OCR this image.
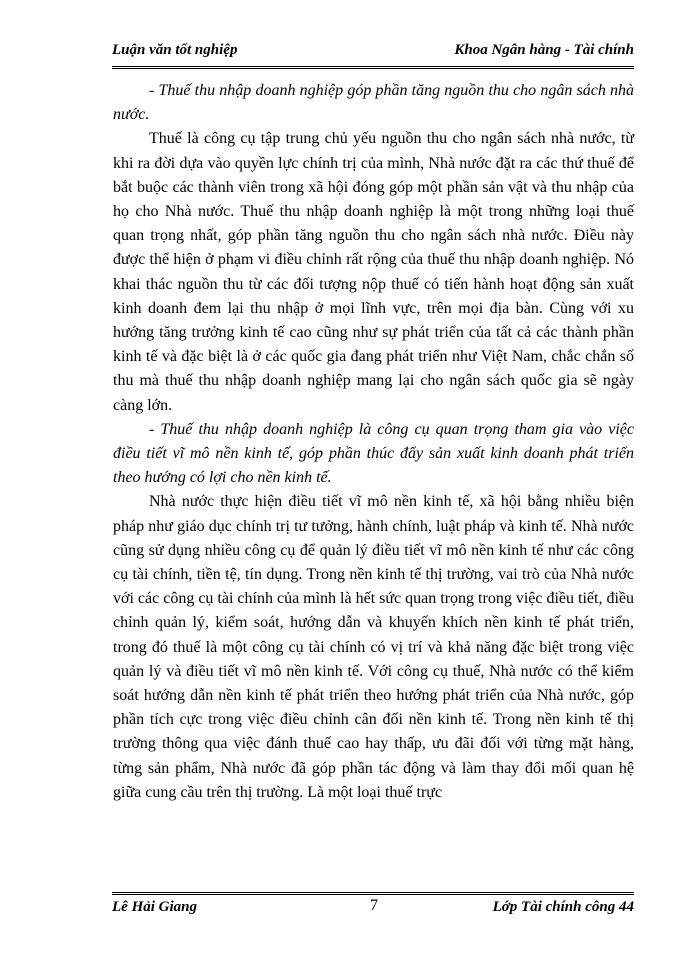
Luận văn tốt nghiệp	Khoa Ngân hàng - Tài chính

- Thuế thu nhập doanh nghiệp góp phần tăng nguồn thu cho ngân sách nhà nước.

Thuế là công cụ tập trung chủ yếu nguồn thu cho ngân sách nhà nước, từ khi ra đời dựa vào quyền lực chính trị của mình, Nhà nước đặt ra các thứ thuế để bắt buộc các thành viên trong xã hội đóng góp một phần sản vật và thu nhập của họ cho Nhà nước. Thuế thu nhập doanh nghiệp là một trong những loại thuế quan trọng nhất, góp phần tăng nguồn thu cho ngân sách nhà nước. Điều này được thể hiện ở phạm vi điều chỉnh rất rộng của thuế thu nhập doanh nghiệp. Nó khai thác nguồn thu từ các đối tượng nộp thuế có tiến hành hoạt động sản xuất kinh doanh đem lại thu nhập ở mọi lĩnh vực, trên mọi địa bàn. Cùng với xu hướng tăng trưởng kinh tế cao cũng như sự phát triển của tất cả các thành phần kinh tế và đặc biệt là ở các quốc gia đang phát triển như Việt Nam, chắc chắn số thu mà thuế thu nhập doanh nghiệp mang lại cho ngân sách quốc gia sẽ ngày càng lớn.

- Thuế thu nhập doanh nghiệp là công cụ quan trọng tham gia vào việc điều tiết vĩ mô nền kinh tế, góp phần thúc đẩy sản xuất kinh doanh phát triển theo hướng có lợi cho nền kinh tế.

Nhà nước thực hiện điều tiết vĩ mô nền kinh tế, xã hội bằng nhiều biện pháp như giáo dục chính trị tư tưởng, hành chính, luật pháp và kinh tế. Nhà nước cũng sử dụng nhiều công cụ để quản lý điều tiết vĩ mô nền kinh tế như các công cụ tài chính, tiền tệ, tín dụng. Trong nền kinh tế thị trường, vai trò của Nhà nước với các công cụ tài chính của mình là hết sức quan trọng trong việc điều tiết, điều chỉnh quản lý, kiểm soát, hướng dẫn và khuyến khích nền kinh tế phát triển, trong đó thuế là một công cụ tài chính có vị trí và khả năng đặc biệt trong việc quản lý và điều tiết vĩ mô nền kinh tế. Với công cụ thuế, Nhà nước có thể kiểm soát hướng dẫn nền kinh tế phát triển theo hướng phát triển của Nhà nước, góp phần tích cực trong việc điều chỉnh cân đối nền kinh tế. Trong nền kinh tế thị trường thông qua việc đánh thuế cao hay thấp, ưu đãi đối với từng mặt hàng, từng sản phẩm, Nhà nước đã góp phần tác động và làm thay đổi mối quan hệ giữa cung cầu trên thị trường. Là một loại thuế trực

Lê Hải Giang	7	Lớp Tài chính công 44
